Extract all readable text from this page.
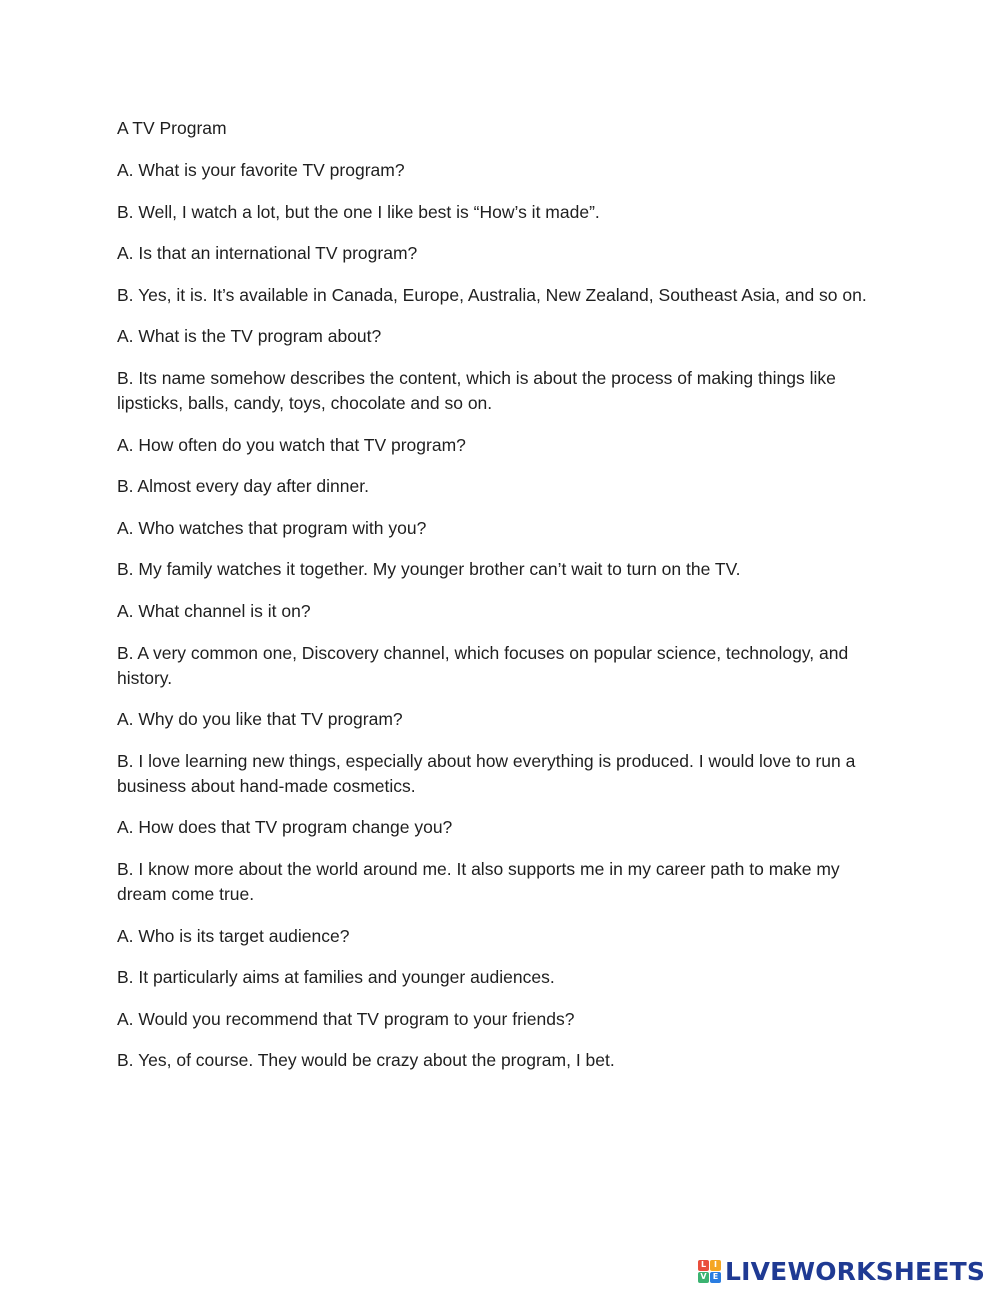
A TV Program
A. What is your favorite TV program?
B. Well, I watch a lot, but the one I like best is “How’s it made”.
A. Is that an international TV program?
B. Yes, it is. It’s available in Canada, Europe, Australia, New Zealand, Southeast Asia, and so on.
A. What is the TV program about?
B. Its name somehow describes the content, which is about the process of making things like lipsticks, balls, candy, toys, chocolate and so on.
A. How often do you watch that TV program?
B. Almost every day after dinner.
A. Who watches that program with you?
B. My family watches it together. My younger brother can’t wait to turn on the TV.
A. What channel is it on?
B. A very common one, Discovery channel, which focuses on popular science, technology, and history.
A. Why do you like that TV program?
B. I love learning new things, especially about how everything is produced. I would love to run a business about hand-made cosmetics.
A. How does that TV program change you?
B. I know more about the world around me. It also supports me in my career path to make my dream come true.
A. Who is its target audience?
B. It particularly aims at families and younger audiences.
A. Would you recommend that TV program to your friends?
B. Yes, of course. They would be crazy about the program, I bet.
L I
V E LIVEWORKSHEETS
